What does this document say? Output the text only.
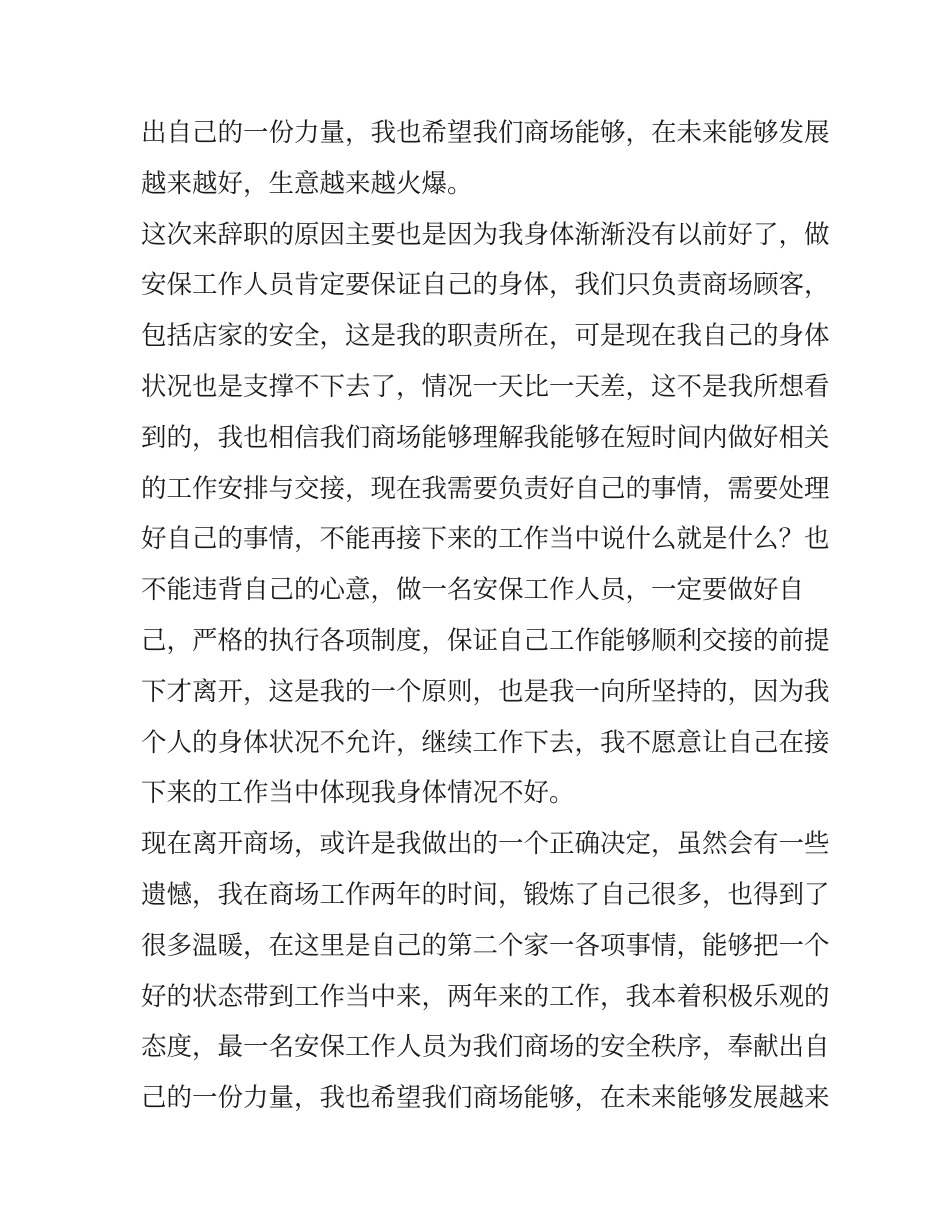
出自己的一份力量，我也希望我们商场能够，在未来能够发展
越来越好，生意越来越火爆。
这次来辞职的原因主要也是因为我身体渐渐没有以前好了，做
安保工作人员肯定要保证自己的身体，我们只负责商场顾客，
包括店家的安全，这是我的职责所在，可是现在我自己的身体
状况也是支撑不下去了，情况一天比一天差，这不是我所想看
到的，我也相信我们商场能够理解我能够在短时间内做好相关
的工作安排与交接，现在我需要负责好自己的事情，需要处理
好自己的事情，不能再接下来的工作当中说什么就是什么？也
不能违背自己的心意，做一名安保工作人员，一定要做好自
己，严格的执行各项制度，保证自己工作能够顺利交接的前提
下才离开，这是我的一个原则，也是我一向所坚持的，因为我
个人的身体状况不允许，继续工作下去，我不愿意让自己在接
下来的工作当中体现我身体情况不好。
现在离开商场，或许是我做出的一个正确决定，虽然会有一些
遗憾，我在商场工作两年的时间，锻炼了自己很多，也得到了
很多温暖，在这里是自己的第二个家一各项事情，能够把一个
好的状态带到工作当中来，两年来的工作，我本着积极乐观的
态度，最一名安保工作人员为我们商场的安全秩序，奉献出自
己的一份力量，我也希望我们商场能够，在未来能够发展越来
